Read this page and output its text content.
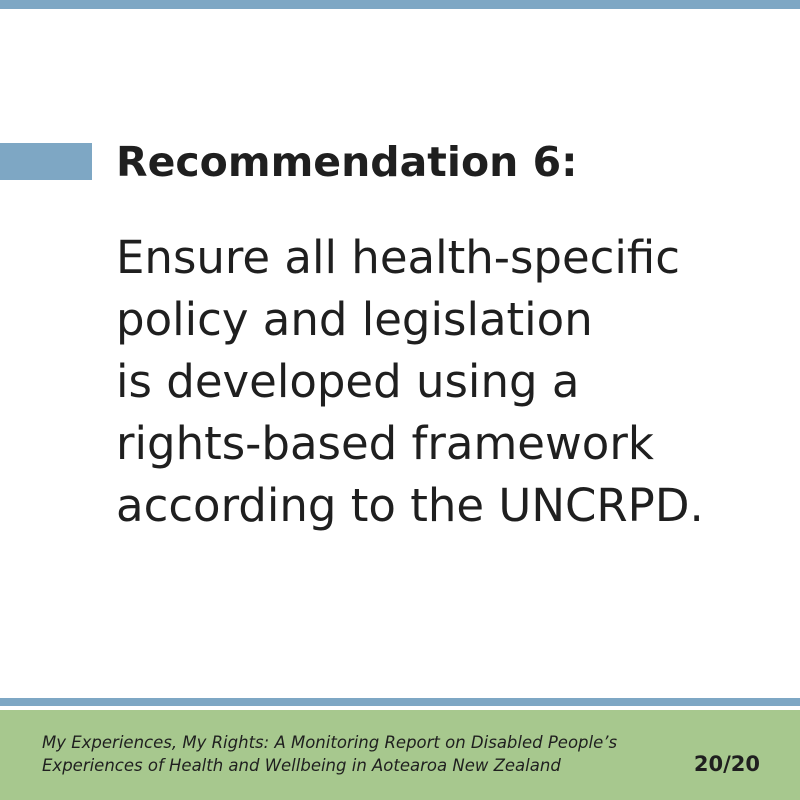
Recommendation 6:
Ensure all health-specific
policy and legislation
is developed using a
rights-based framework
according to the UNCRPD.
My Experiences, My Rights: A Monitoring Report on Disabled People’s
Experiences of Health and Wellbeing in Aotearoa New Zealand	20/20
